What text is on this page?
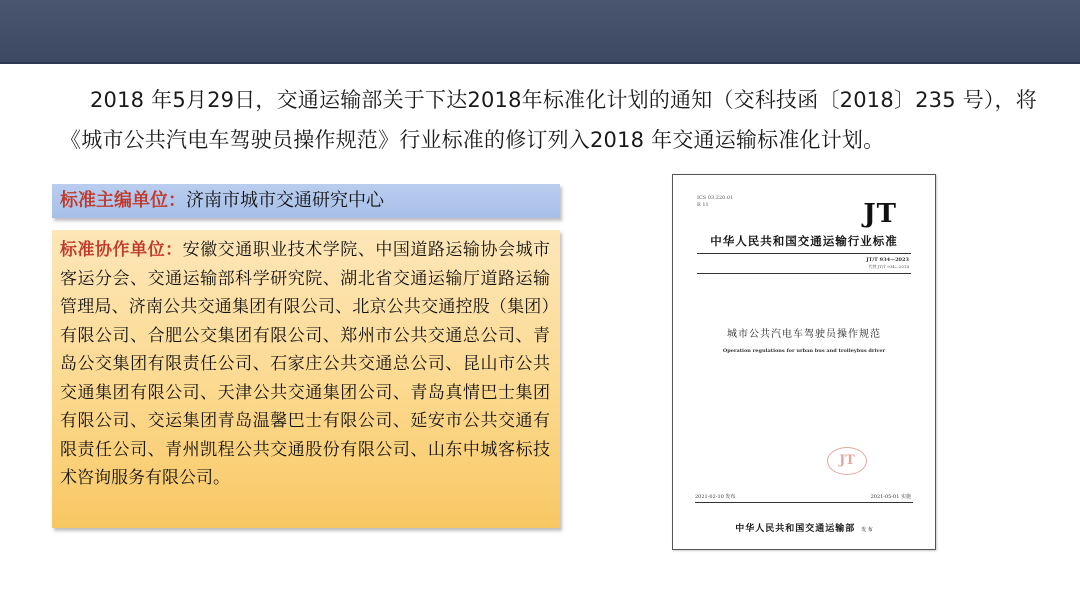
2018 年5月29日，交通运输部关于下达2018年标准化计划的通知（交科技函〔2018〕235 号），将《城市公共汽电车驾驶员操作规范》行业标准的修订列入2018 年交通运输标准化计划。
标准主编单位：济南市城市交通研究中心
标准协作单位：安徽交通职业技术学院、中国道路运输协会城市客运分会、交通运输部科学研究院、湖北省交通运输厅道路运输管理局、济南公共交通集团有限公司、北京公共交通控股（集团）有限公司、合肥公交集团有限公司、郑州市公共交通总公司、青岛公交集团有限责任公司、石家庄公共交通总公司、昆山市公共交通集团有限公司、天津公共交通集团公司、青岛真情巴士集团有限公司、交运集团青岛温馨巴士有限公司、延安市公共交通有限责任公司、青州凯程公共交通股份有限公司、山东中城客标技术咨询服务有限公司。
ICS 03.220.01
R 11	JT
中华人民共和国交通运输行业标准
JT/T 934—2023
代替 JT/T 934—2014
城市公共汽电车驾驶员操作规范
Operation regulations for urban bus and trolleybus driver
JT
2021-02-10 发布	2021-05-01 实施
中华人民共和国交通运输部 发 布
